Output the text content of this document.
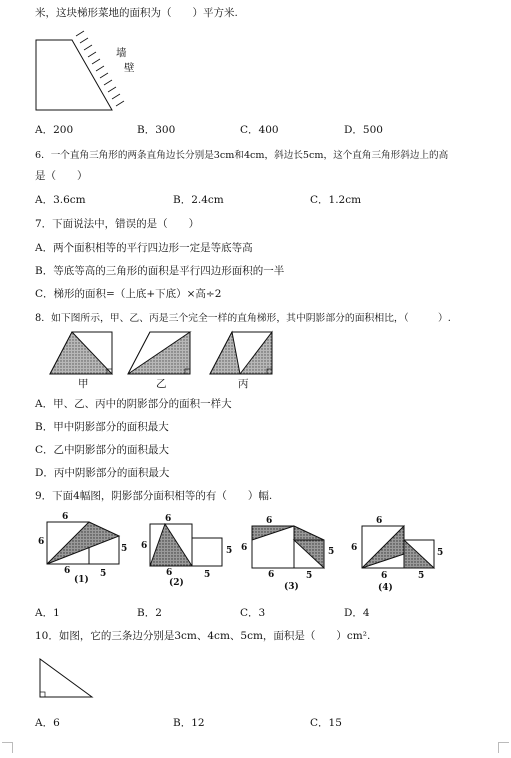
米，这块梯形菜地的面积为（　　）平方米.
墙
壁
A．200	B．300	C．400	D．500
6．一个直角三角形的两条直角边长分别是3cm和4cm，斜边长5cm，这个直角三角形斜边上的高
是（　　）
A．3.6cm	B．2.4cm	C．1.2cm
7．下面说法中，错误的是（　　）
A．两个面积相等的平行四边形一定是等底等高
B．等底等高的三角形的面积是平行四边形面积的一半
C．梯形的面积=（上底+下底）×高÷2
8．如下图所示，甲、乙、丙是三个完全一样的直角梯形，其中阴影部分的面积相比，（　　　）.
甲	乙	丙
A．甲、乙、丙中的阴影部分的面积一样大
B．甲中阴影部分的面积最大
C．乙中阴影部分的面积最大
D．丙中阴影部分的面积最大
9．下面4幅图，阴影部分面积相等的有（　　）幅.
6
6
5
6	5
(1)
6
6	5
6	5
(2)
6
6	5
6	5
(3)
6
6	5
6	5
(4)
A．1	B．2	C．3	D．4
10．如图，它的三条边分别是3cm、4cm、5cm，面积是（　　）cm².
A．6	B．12	C．15
